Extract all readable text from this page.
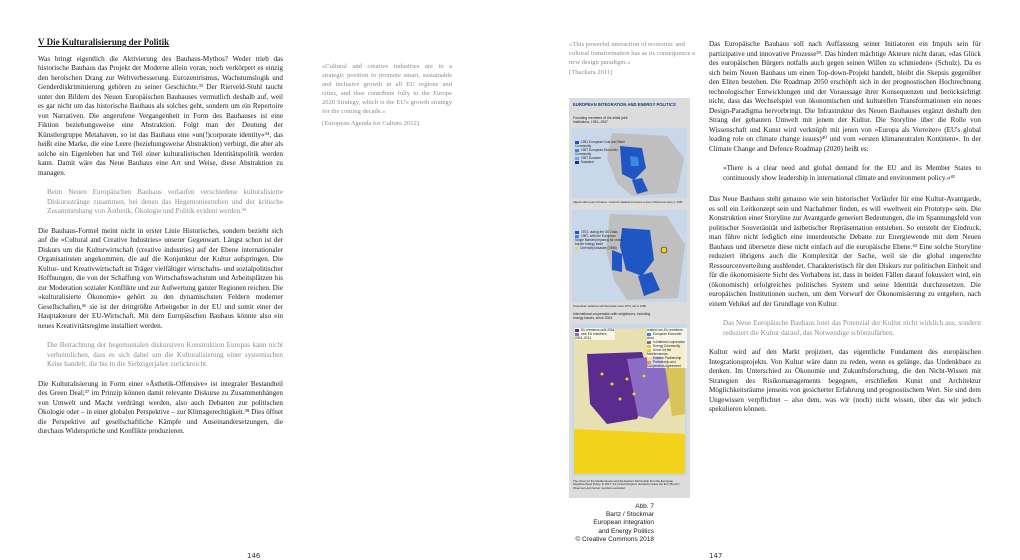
V Die Kulturalisierung der Politik

Was bringt eigentlich die Aktivierung des Bauhaus-Mythos? Weder trieb das historische Bauhaus das Projekt der Moderne allein voran, noch verkörpert es einzig den heroischen Drang zur Weltverbesserung. Eurozentrismus, Wachstumslogik und Genderdiskriminierung gehören zu seiner Geschichte.³³ Der Rietveld-Stuhl taucht unter den Bildern des Neuen Europäischen Bauhauses vermutlich deshalb auf, weil es gar nicht um das historische Bauhaus als solches geht, sondern um ein Repertoire von Narrativen. Die angerufene Vergangenheit in Form des Bauhauses ist eine Fiktion beziehungsweise eine Abstraktion. Folgt man der Deutung der Künstlergruppe Metahaven, so ist das Bauhaus eine »un(!)corporate identity«³⁴, das heißt eine Marke, die eine Leere (beziehungsweise Abstraktion) verbirgt, die aber als solche ein Eigenleben hat und Teil einer kulturalistischen Identitätspolitik werden kann. Damit wäre das Neue Bauhaus eine Art und Weise, diese Abstraktion zu managen.

Beim Neuen Europäischen Bauhaus verlaufen verschiedene kulturalisierte Diskursstränge zusammen, bei denen das Hegemoniestreben und der kritische Zusammenhang von Ästhetik, Ökologie und Politik evident werden.³⁵

Die Bauhaus-Formel meint nicht in erster Linie Historisches, sondern bezieht sich auf die »Cultural and Creative Industries« unserer Gegenwart. Längst schon ist der Diskurs um die Kulturwirtschaft (creative industries) auf der Ebene internationaler Organisationen angekommen, die auf die Konjunktur der Kultur aufspringen. Die Kultur- und Kreativwirtschaft ist Träger vielfältiger wirtschafts- und sozialpolitischer Hoffnungen, die von der Schaffung von Wirtschaftswachstum und Arbeitsplätzen bis zur Moderation sozialer Konflikte und zur Aufwertung ganzer Regionen reichen. Die »kulturalisierte Ökonomie« gehört zu den dynamischsten Feldern moderner Gesellschaften,³⁶ sie ist der drittgrößte Arbeitgeber in der EU und somit einer der Hauptakteure der EU-Wirtschaft. Mit dem Europäischen Bauhaus könnte also ein neues Kreativitätsregime installiert werden.

Die Betrachtung der hegemonialen diskursiven Konstruktion Europas kann nicht verheimlichen, dass es sich dabei um die Kulturalisierung einer systemischen Krise handelt, die bis in die Siebzigerjahre zurückreicht.

Die Kulturalisierung in Form einer »Ästhetik-Offensive« ist integraler Bestandteil des Green Deal;³⁷ im Prinzip können damit relevante Diskurse zu Zusammenhängen von Umwelt und Macht verdrängt werden, also auch Debatten zur politischen Ökologie oder – in einer globalen Perspektive – zur Klimagerechtigkeit.³⁸ Dies öffnet die Perspektive auf gesellschaftliche Kämpfe und Auseinandersetzungen, die durchaus Widersprüche und Konflikte produzieren.

»Cultural and creative industries are in a strategic position to promote smart, sustainable and inclusive growth in all EU regions and cities, and thus contribute fully to the Europe 2020 Strategy, which is the EU's growth strategy for the coming decade.«

(European Agenda for Culture 2012)

146

»This powerful interaction of economic and cultural transformation has as its consequence a new design paradigm.«

(Thackara 2011)

EUROPEAN INTEGRATION AND ENERGY POLITICS
Founding members of the initial joint institutions, 1951–1957
1951 European Coal and Steel Community
1957 European Economic Community
1957 Euratom
Saarland
Algeria still a part of France. Coal-rich Saarland became a part of West Germany in 1957
1973, during the Oil Crisis
1987, with the European Single Market preparing for cross-border energy trade
Chernobyl disaster (1986)
Greenland: withdrew with Denmark since 1973, left in 1985
International cooperation with neighbours, including energy issues, since 2004
EU members until 2004
new EU members, 2004–2013
related non-EU members:
European Economic Area
in bilateral cooperation
Energy Community
Union for the Mediterranean
Eastern Partnership
Partnership and Cooperation Agreement
The Union for the Mediterranean and the Eastern Partnership form the European Neighbourhood Policy. In 2017, the United Kingdom decided to leave the EU ("Brexit"). Observers and former members excluded
Abb. 7
Bartz / Stockmar
European Integration
and Energy Politics
© Creative Commons 2018

Das Europäische Bauhaus soll nach Auffassung seiner Initiatoren ein Impuls sein für partizipative und innovative Prozesse³⁹. Das hindert mächtige Akteure nicht daran, »das Glück des europäischen Bürgers notfalls auch gegen seinen Willen zu schmieden« (Schulz). Da es sich beim Neuen Bauhaus um einen Top-down-Projekt handelt, bleibt die Skepsis gegenüber den Eliten bestehen. Die Roadmap 2050 erschöpft sich in der prognostischen Hochrechnung technologischer Entwicklungen und der Voraussage ihrer Konsequenzen und berücksichtigt nicht, dass das Wechselspiel von ökonomischen und kulturellen Transformationen ein neues Design-Paradigma hervorbringt. Die Infrastruktur des Neuen Bauhauses ergänzt deshalb den Strang der gebauten Umwelt mit jenem der Kultur. Die Storyline über die Rolle von Wissenschaft und Kunst wird verknüpft mit jenen von »Europa als Vorreiter« (EU's global leading role on climate change issues)⁴⁰ und vom »ersten klimaneutralen Kontinent«. In der Climate Change and Defence Roadmap (2020) heißt es:

»There is a clear need and global demand for the EU and its Member States to continuously show leadership in international climate and environment policy.«⁴¹

Das Neue Bauhaus steht genauso wie sein historischer Vorläufer für eine Kultur-Avantgarde, es soll ein Leitkonzept sein und Nachahmer finden, es will »weltweit ein Prototyp« sein. Die Konstruktion einer Storyline zur Avantgarde generiert Bedeutungen, die im Spannungsfeld von politischer Souveränität und ästhetischer Repräsentation entstehen. So entsteht der Eindruck, man führe nicht lediglich eine innerdeutsche Debatte zur Energiewende mit dem Neuen Bauhaus und übersetze diese nicht einfach auf die europäische Ebene.⁴² Eine solche Storyline reduziert übrigens auch die Komplexität der Sache, weil sie die global ungerechte Ressourcenverteilung ausblendet. Charakteristisch für den Diskurs zur politischen Einheit und für die ökonomisierte Sicht des Vorhabens ist, dass in beiden Fällen darauf fokussiert wird, ein (ökonomisch) erfolgreiches politisches System und seine Identität durchzusetzen. Die europäischen Institutionen suchen, um dem Vorwurf der Ökonomisierung zu entgehen, nach einem Vehikel auf der Grundlage von Kultur.

Das Neue Europäische Bauhaus lotet das Potenzial der Kultur nicht wirklich aus, sondern reduziert die Kultur darauf, das Notwendige schönzufärben.

Kultur wird auf den Markt projiziert, das eigentliche Fundament des europäischen Integrationsprojekts. Von Kultur wäre dann zu reden, wenn es gelänge, das Undenkbare zu denken. Im Unterschied zu Ökonomie und Zukunftsforschung, die den Nicht-Wissen mit Strategien des Risikomanagements begegnen, erschließen Kunst und Architektur Möglichkeitsräume jenseits von gesicherter Erfahrung und prognostischem Wert. Sie sind dem Ungewissen verpflichtet – also dem, was wir (noch) nicht wissen, über das wir jedoch spekulieren können.

147
